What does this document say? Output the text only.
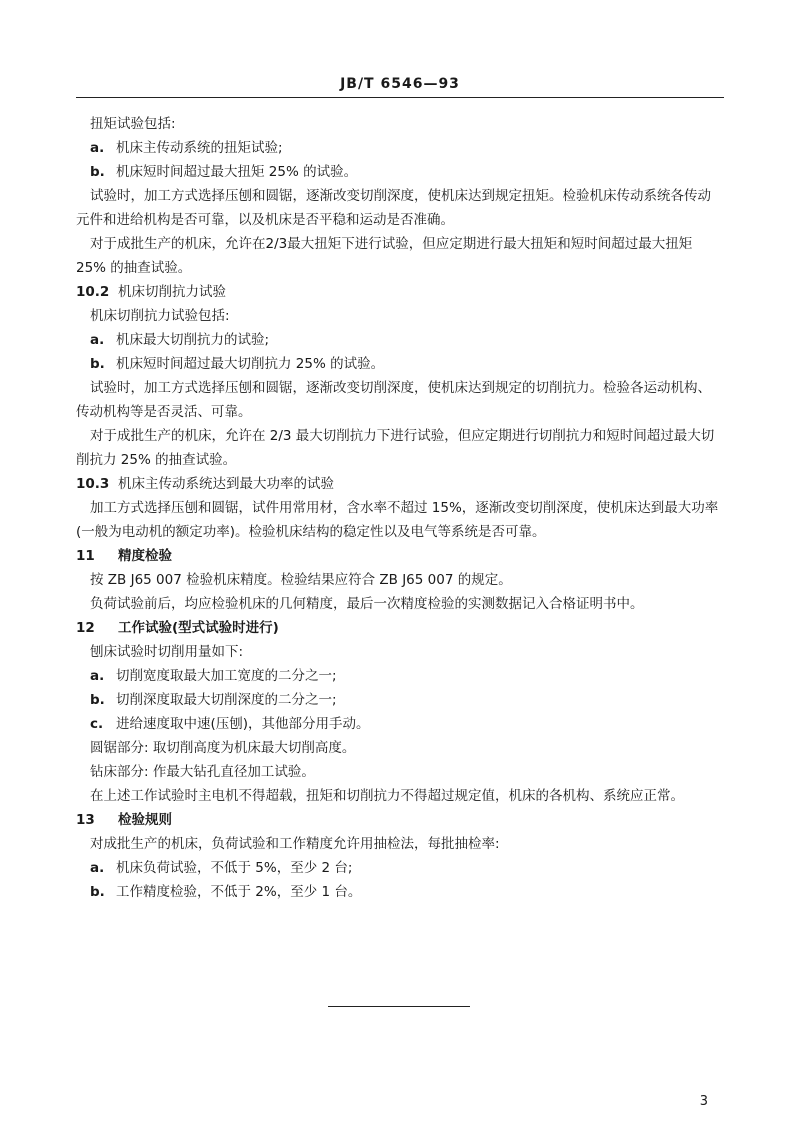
JB/T 6546—93

扭矩试验包括:

a. 机床主传动系统的扭矩试验;

b. 机床短时间超过最大扭矩 25% 的试验。

试验时，加工方式选择压刨和圆锯，逐渐改变切削深度，使机床达到规定扭矩。检验机床传动系统各传动元件和进给机构是否可靠，以及机床是否平稳和运动是否准确。

对于成批生产的机床，允许在2/3最大扭矩下进行试验，但应定期进行最大扭矩和短时间超过最大扭矩 25% 的抽查试验。

10.2 机床切削抗力试验

机床切削抗力试验包括:

a. 机床最大切削抗力的试验;

b. 机床短时间超过最大切削抗力 25% 的试验。

试验时，加工方式选择压刨和圆锯，逐渐改变切削深度，使机床达到规定的切削抗力。检验各运动机构、传动机构等是否灵活、可靠。

对于成批生产的机床，允许在 2/3 最大切削抗力下进行试验，但应定期进行切削抗力和短时间超过最大切削抗力 25% 的抽查试验。

10.3 机床主传动系统达到最大功率的试验

加工方式选择压刨和圆锯，试件用常用材，含水率不超过 15%，逐渐改变切削深度，使机床达到最大功率(一般为电动机的额定功率)。检验机床结构的稳定性以及电气等系统是否可靠。

11 精度检验

按 ZB J65 007 检验机床精度。检验结果应符合 ZB J65 007 的规定。

负荷试验前后，均应检验机床的几何精度，最后一次精度检验的实测数据记入合格证明书中。

12 工作试验(型式试验时进行)

刨床试验时切削用量如下:

a. 切削宽度取最大加工宽度的二分之一;

b. 切削深度取最大切削深度的二分之一;

c. 进给速度取中速(压刨)，其他部分用手动。

圆锯部分: 取切削高度为机床最大切削高度。

钻床部分: 作最大钻孔直径加工试验。

在上述工作试验时主电机不得超载，扭矩和切削抗力不得超过规定值，机床的各机构、系统应正常。

13 检验规则

对成批生产的机床，负荷试验和工作精度允许用抽检法，每批抽检率:

a. 机床负荷试验，不低于 5%，至少 2 台;

b. 工作精度检验，不低于 2%，至少 1 台。

3
